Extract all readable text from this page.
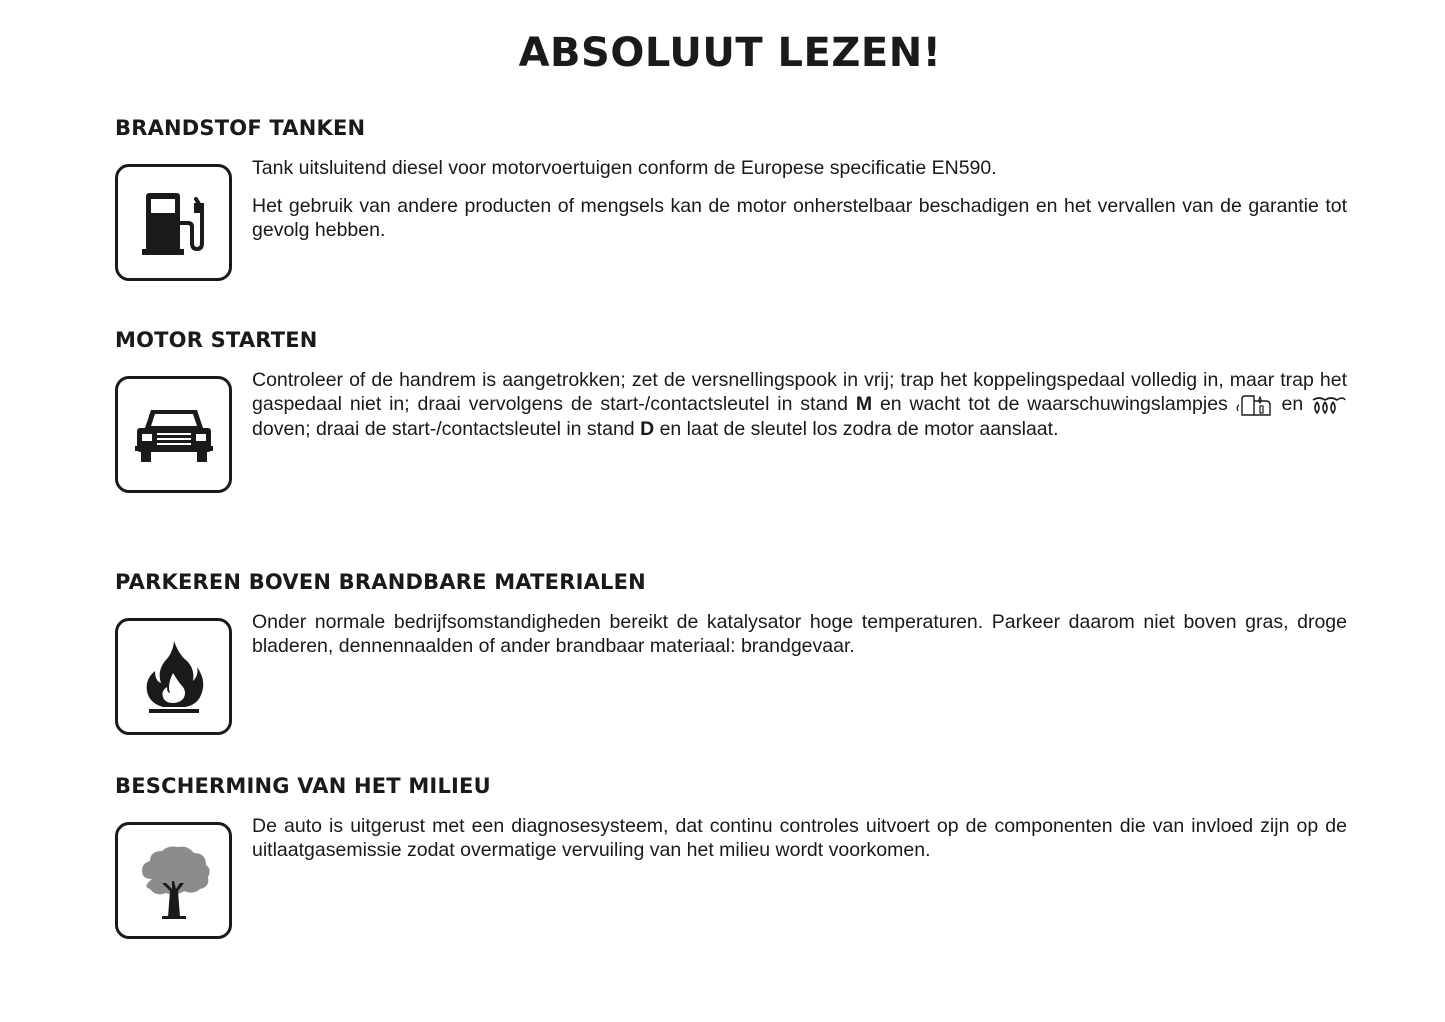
ABSOLUUT LEZEN!
BRANDSTOF TANKEN

Tank uitsluitend diesel voor motorvoertuigen conform de Europese specificatie EN590.

Het gebruik van andere producten of mengsels kan de motor onherstelbaar beschadigen en het vervallen van de garantie tot gevolg hebben.

MOTOR STARTEN

Controleer of de handrem is aangetrokken; zet de versnellingspook in vrij; trap het koppelingspedaal volledig in, maar trap het gaspedaal niet in; draai vervolgens de start-/contactsleutel in stand M en wacht tot de waarschuwingslampjes	en  doven; draai de start-/contactsleutel in stand D en laat de sleutel los zodra de motor aanslaat.

PARKEREN BOVEN BRANDBARE MATERIALEN

Onder normale bedrijfsomstandigheden bereikt de katalysator hoge temperaturen. Parkeer daarom niet boven gras, droge bladeren, dennennaalden of ander brandbaar materiaal: brandgevaar.

BESCHERMING VAN HET MILIEU

De auto is uitgerust met een diagnosesysteem, dat continu controles uitvoert op de componenten die van invloed zijn op de uitlaatgasemissie zodat overmatige vervuiling van het milieu wordt voorkomen.
